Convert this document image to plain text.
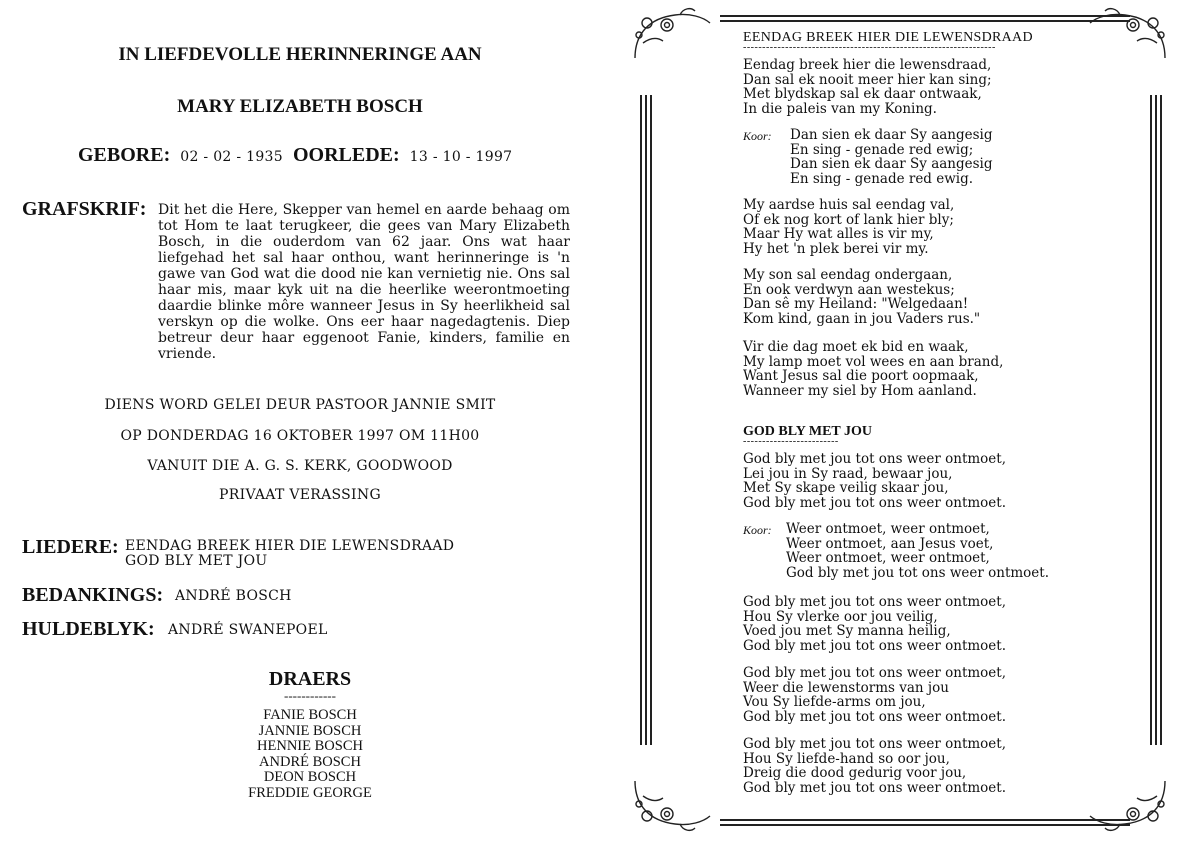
IN LIEFDEVOLLE HERINNERINGE AAN
MARY ELIZABETH BOSCH
GEBORE: 02 - 02 - 1935 OORLEDE: 13 - 10 - 1997
GRAFSKRIF: Dit het die Here, Skepper van hemel en aarde behaag om tot Hom te laat terugkeer, die gees van Mary Elizabeth Bosch, in die ouderdom van 62 jaar. Ons wat haar liefgehad het sal haar onthou, want herinneringe is 'n gawe van God wat die dood nie kan vernietig nie. Ons sal haar mis, maar kyk uit na die heerlike weerontmoeting daardie blinke môre wanneer Jesus in Sy heerlikheid sal verskyn op die wolke. Ons eer haar nagedagtenis. Diep betreur deur haar eggenoot Fanie, kinders, familie en vriende.
DIENS WORD GELEI DEUR PASTOOR JANNIE SMIT
OP DONDERDAG 16 OKTOBER 1997 OM 11H00
VANUIT DIE A. G. S. KERK, GOODWOOD
PRIVAAT VERASSING
LIEDERE: EENDAG BREEK HIER DIE LEWENSDRAAD
GOD BLY MET JOU
BEDANKINGS: ANDRÉ BOSCH
HULDEBLYK: ANDRÉ SWANEPOEL
DRAERS
------------
FANIE BOSCH
JANNIE BOSCH
HENNIE BOSCH
ANDRÉ BOSCH
DEON BOSCH
FREDDIE GEORGE
EENDAG BREEK HIER DIE LEWENSDRAAD
------------------------------------------------------------------
Eendag breek hier die lewensdraad,
Dan sal ek nooit meer hier kan sing;
Met blydskap sal ek daar ontwaak,
In die paleis van my Koning.
Koor: Dan sien ek daar Sy aangesig
En sing - genade red ewig;
Dan sien ek daar Sy aangesig
En sing - genade red ewig.
My aardse huis sal eendag val,
Of ek nog kort of lank hier bly;
Maar Hy wat alles is vir my,
Hy het 'n plek berei vir my.
My son sal eendag ondergaan,
En ook verdwyn aan westekus;
Dan sê my Heiland: "Welgedaan!
Kom kind, gaan in jou Vaders rus."
Vir die dag moet ek bid en waak,
My lamp moet vol wees en aan brand,
Want Jesus sal die poort oopmaak,
Wanneer my siel by Hom aanland.
GOD BLY MET JOU
-------------------------
God bly met jou tot ons weer ontmoet,
Lei jou in Sy raad, bewaar jou,
Met Sy skape veilig skaar jou,
God bly met jou tot ons weer ontmoet.
Koor: Weer ontmoet, weer ontmoet,
Weer ontmoet, aan Jesus voet,
Weer ontmoet, weer ontmoet,
God bly met jou tot ons weer ontmoet.
God bly met jou tot ons weer ontmoet,
Hou Sy vlerke oor jou veilig,
Voed jou met Sy manna heilig,
God bly met jou tot ons weer ontmoet.
God bly met jou tot ons weer ontmoet,
Weer die lewenstorms van jou
Vou Sy liefde-arms om jou,
God bly met jou tot ons weer ontmoet.
God bly met jou tot ons weer ontmoet,
Hou Sy liefde-hand so oor jou,
Dreig die dood gedurig voor jou,
God bly met jou tot ons weer ontmoet.
